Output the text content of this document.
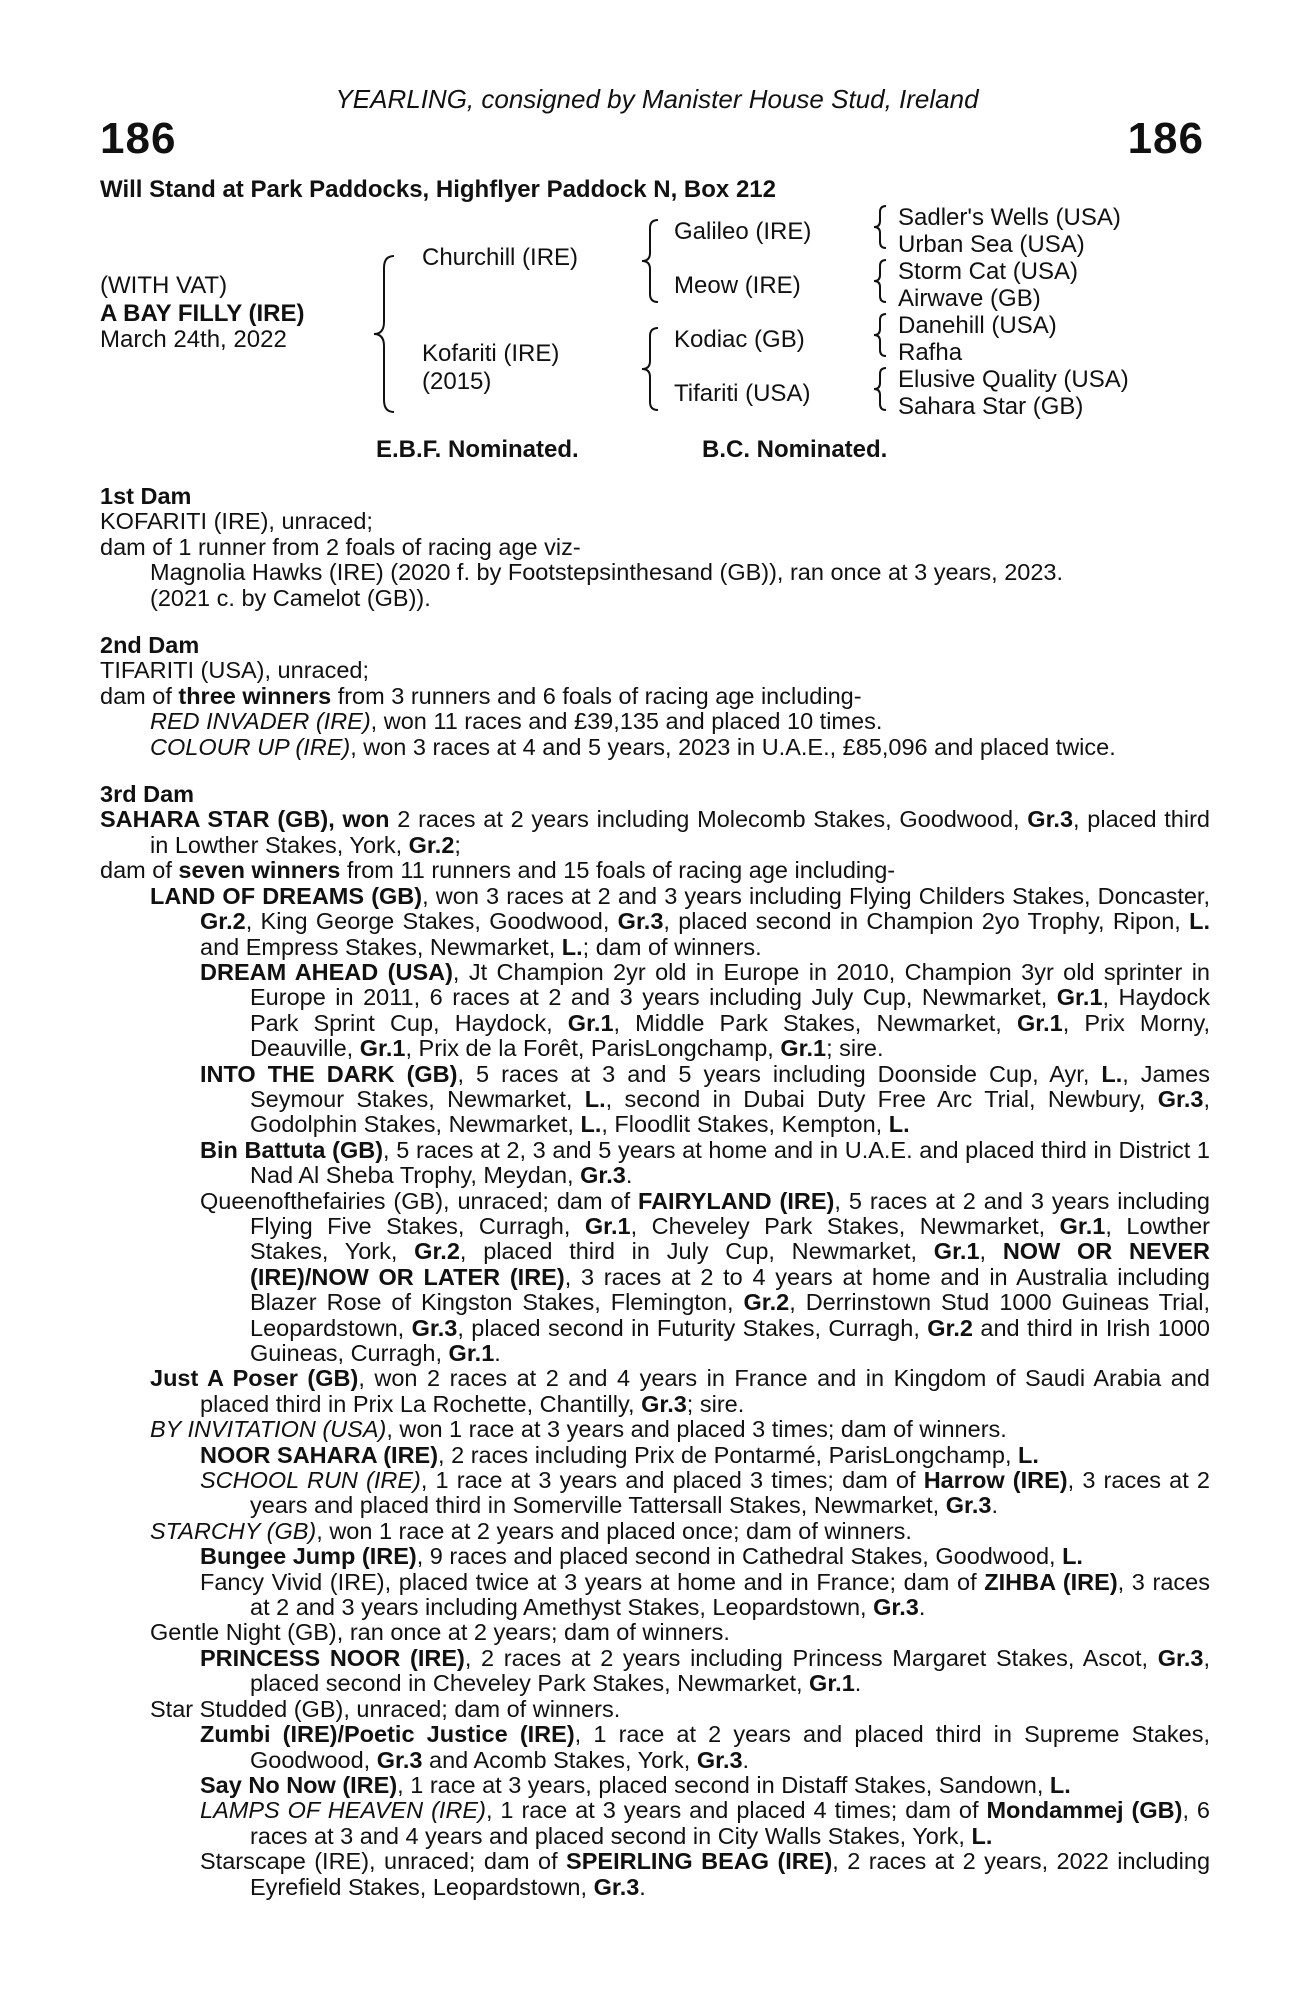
YEARLING, consigned by Manister House Stud, Ireland
186	186
Will Stand at Park Paddocks, Highflyer Paddock N, Box 212
(WITH VAT)
A BAY FILLY (IRE)
March 24th, 2022
Churchill (IRE)
Kofariti (IRE)
(2015)
Galileo (IRE)
Meow (IRE)
Kodiac (GB)
Tifariti (USA)
Sadler's Wells (USA)
Urban Sea (USA)
Storm Cat (USA)
Airwave (GB)
Danehill (USA)
Rafha
Elusive Quality (USA)
Sahara Star (GB)
E.B.F. Nominated.	B.C. Nominated.
1st Dam
KOFARITI (IRE), unraced;
dam of 1 runner from 2 foals of racing age viz-
Magnolia Hawks (IRE) (2020 f. by Footstepsinthesand (GB)), ran once at 3 years, 2023.
(2021 c. by Camelot (GB)).
2nd Dam
TIFARITI (USA), unraced;
dam of three winners from 3 runners and 6 foals of racing age including-
RED INVADER (IRE), won 11 races and £39,135 and placed 10 times.
COLOUR UP (IRE), won 3 races at 4 and 5 years, 2023 in U.A.E., £85,096 and placed twice.
3rd Dam
SAHARA STAR (GB), won 2 races at 2 years including Molecomb Stakes, Goodwood, Gr.3, placed third in Lowther Stakes, York, Gr.2;
dam of seven winners from 11 runners and 15 foals of racing age including-
LAND OF DREAMS (GB), won 3 races at 2 and 3 years including Flying Childers Stakes, Doncaster, Gr.2, King George Stakes, Goodwood, Gr.3, placed second in Champion 2yo Trophy, Ripon, L. and Empress Stakes, Newmarket, L.; dam of winners.
DREAM AHEAD (USA), Jt Champion 2yr old in Europe in 2010, Champion 3yr old sprinter in Europe in 2011, 6 races at 2 and 3 years including July Cup, Newmarket, Gr.1, Haydock Park Sprint Cup, Haydock, Gr.1, Middle Park Stakes, Newmarket, Gr.1, Prix Morny, Deauville, Gr.1, Prix de la Forêt, ParisLongchamp, Gr.1; sire.
INTO THE DARK (GB), 5 races at 3 and 5 years including Doonside Cup, Ayr, L., James Seymour Stakes, Newmarket, L., second in Dubai Duty Free Arc Trial, Newbury, Gr.3, Godolphin Stakes, Newmarket, L., Floodlit Stakes, Kempton, L.
Bin Battuta (GB), 5 races at 2, 3 and 5 years at home and in U.A.E. and placed third in District 1 Nad Al Sheba Trophy, Meydan, Gr.3.
Queenofthefairies (GB), unraced; dam of FAIRYLAND (IRE), 5 races at 2 and 3 years including Flying Five Stakes, Curragh, Gr.1, Cheveley Park Stakes, Newmarket, Gr.1, Lowther Stakes, York, Gr.2, placed third in July Cup, Newmarket, Gr.1, NOW OR NEVER (IRE)/NOW OR LATER (IRE), 3 races at 2 to 4 years at home and in Australia including Blazer Rose of Kingston Stakes, Flemington, Gr.2, Derrinstown Stud 1000 Guineas Trial, Leopardstown, Gr.3, placed second in Futurity Stakes, Curragh, Gr.2 and third in Irish 1000 Guineas, Curragh, Gr.1.
Just A Poser (GB), won 2 races at 2 and 4 years in France and in Kingdom of Saudi Arabia and placed third in Prix La Rochette, Chantilly, Gr.3; sire.
BY INVITATION (USA), won 1 race at 3 years and placed 3 times; dam of winners.
NOOR SAHARA (IRE), 2 races including Prix de Pontarmé, ParisLongchamp, L.
SCHOOL RUN (IRE), 1 race at 3 years and placed 3 times; dam of Harrow (IRE), 3 races at 2 years and placed third in Somerville Tattersall Stakes, Newmarket, Gr.3.
STARCHY (GB), won 1 race at 2 years and placed once; dam of winners.
Bungee Jump (IRE), 9 races and placed second in Cathedral Stakes, Goodwood, L.
Fancy Vivid (IRE), placed twice at 3 years at home and in France; dam of ZIHBA (IRE), 3 races at 2 and 3 years including Amethyst Stakes, Leopardstown, Gr.3.
Gentle Night (GB), ran once at 2 years; dam of winners.
PRINCESS NOOR (IRE), 2 races at 2 years including Princess Margaret Stakes, Ascot, Gr.3, placed second in Cheveley Park Stakes, Newmarket, Gr.1.
Star Studded (GB), unraced; dam of winners.
Zumbi (IRE)/Poetic Justice (IRE), 1 race at 2 years and placed third in Supreme Stakes, Goodwood, Gr.3 and Acomb Stakes, York, Gr.3.
Say No Now (IRE), 1 race at 3 years, placed second in Distaff Stakes, Sandown, L.
LAMPS OF HEAVEN (IRE), 1 race at 3 years and placed 4 times; dam of Mondammej (GB), 6 races at 3 and 4 years and placed second in City Walls Stakes, York, L.
Starscape (IRE), unraced; dam of SPEIRLING BEAG (IRE), 2 races at 2 years, 2022 including Eyrefield Stakes, Leopardstown, Gr.3.
